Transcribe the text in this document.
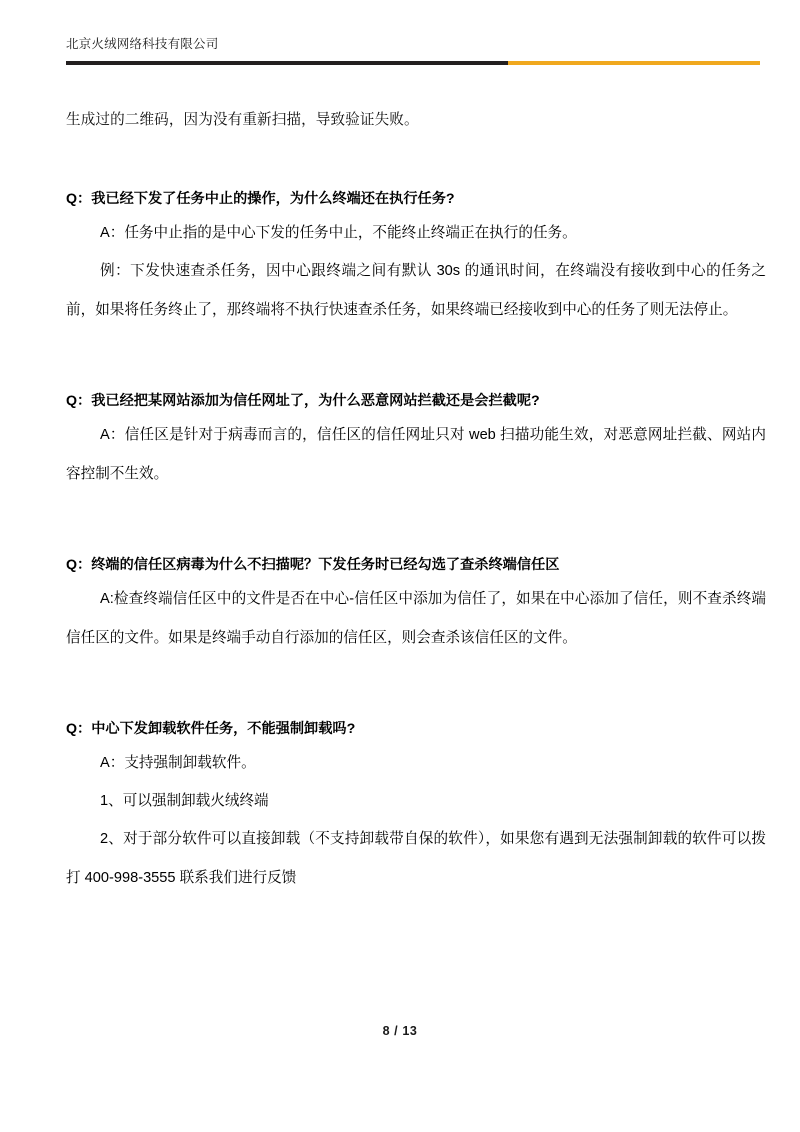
北京火绒网络科技有限公司
生成过的二维码，因为没有重新扫描，导致验证失败。
Q：我已经下发了任务中止的操作，为什么终端还在执行任务?
A：任务中止指的是中心下发的任务中止，不能终止终端正在执行的任务。
例：下发快速查杀任务，因中心跟终端之间有默认 30s 的通讯时间，在终端没有接收到中心的任务之前，如果将任务终止了，那终端将不执行快速查杀任务，如果终端已经接收到中心的任务了则无法停止。
Q：我已经把某网站添加为信任网址了，为什么恶意网站拦截还是会拦截呢?
A：信任区是针对于病毒而言的，信任区的信任网址只对 web 扫描功能生效，对恶意网址拦截、网站内容控制不生效。
Q：终端的信任区病毒为什么不扫描呢？下发任务时已经勾选了查杀终端信任区
A:检查终端信任区中的文件是否在中心-信任区中添加为信任了，如果在中心添加了信任，则不查杀终端信任区的文件。如果是终端手动自行添加的信任区，则会查杀该信任区的文件。
Q：中心下发卸载软件任务，不能强制卸载吗?
A：支持强制卸载软件。
1、可以强制卸载火绒终端
2、对于部分软件可以直接卸载（不支持卸载带自保的软件），如果您有遇到无法强制卸载的软件可以拨打 400-998-3555 联系我们进行反馈
8 / 13
